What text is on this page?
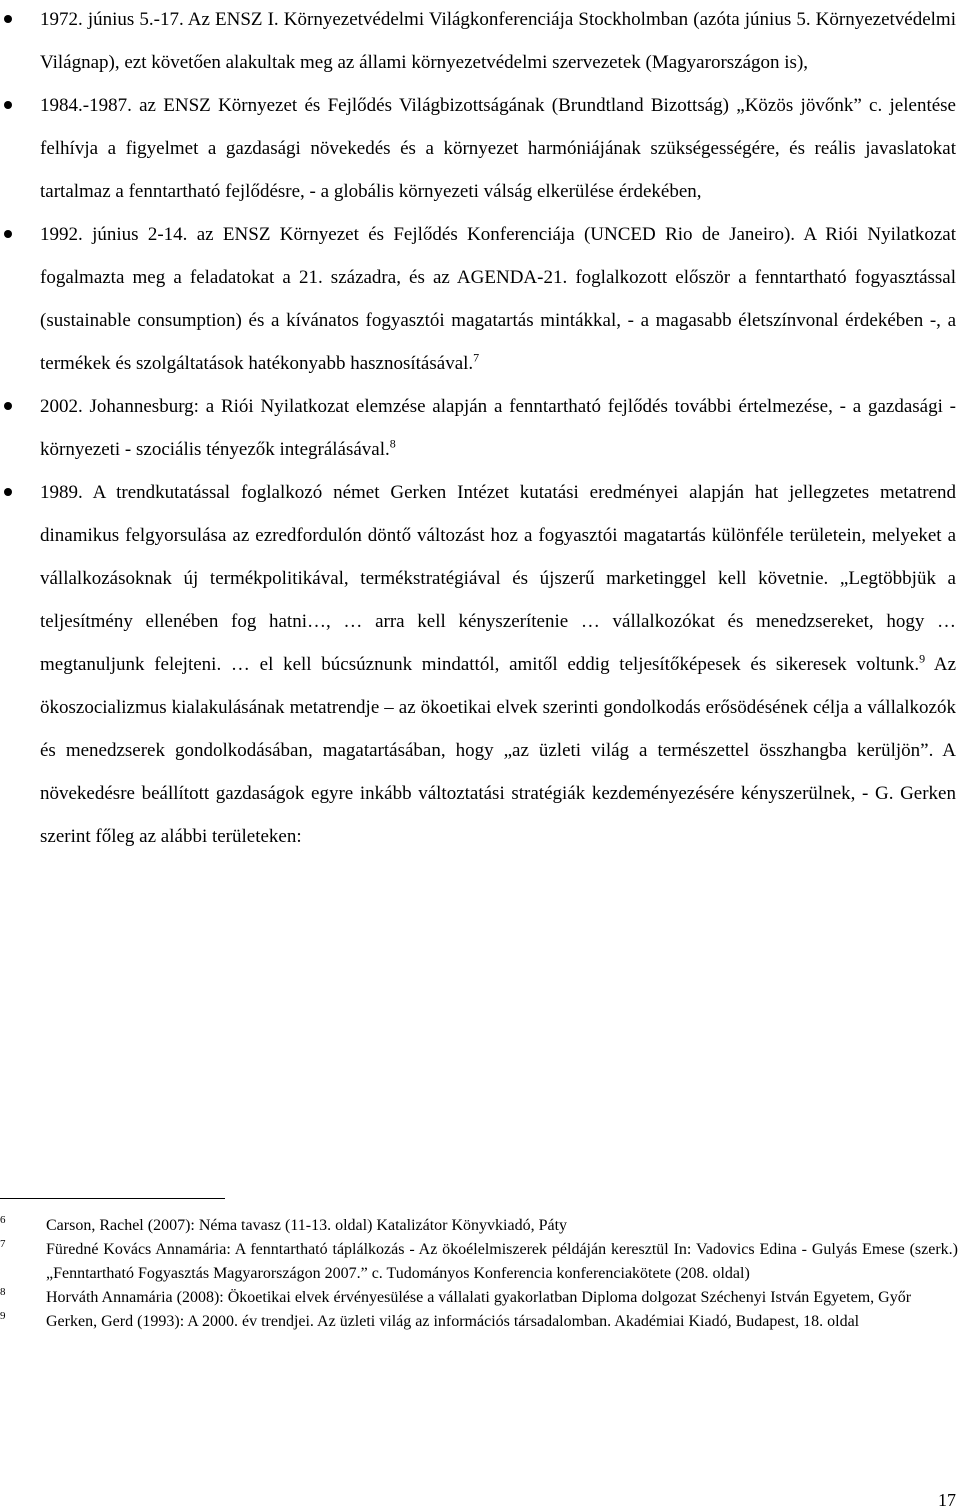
1972. június 5.-17. Az ENSZ I. Környezetvédelmi Világkonferenciája Stockholmban (azóta június 5. Környezetvédelmi Világnap), ezt követően alakultak meg az állami környezetvédelmi szervezetek (Magyarországon is),
1984.-1987. az ENSZ Környezet és Fejlődés Világbizottságának (Brundtland Bizottság) „Közös jövőnk” c. jelentése felhívja a figyelmet a gazdasági növekedés és a környezet harmóniájának szükségességére, és reális javaslatokat tartalmaz a fenntartható fejlődésre, - a globális környezeti válság elkerülése érdekében,
1992. június 2-14. az ENSZ Környezet és Fejlődés Konferenciája (UNCED Rio de Janeiro). A Riói Nyilatkozat fogalmazta meg a feladatokat a 21. századra, és az AGENDA-21. foglalkozott először a fenntartható fogyasztással (sustainable consumption) és a kívánatos fogyasztói magatartás mintákkal, - a magasabb életszínvonal érdekében -, a termékek és szolgáltatások hatékonyabb hasznosításával.$^7$
2002. Johannesburg: a Riói Nyilatkozat elemzése alapján a fenntartható fejlődés további értelmezése, - a gazdasági - környezeti - szociális tényezők integrálásával.$^8$
1989. A trendkutatással foglalkozó német Gerken Intézet kutatási eredményei alapján hat jellegzetes metatrend dinamikus felgyorsulása az ezredfordulón döntő változást hoz a fogyasztói magatartás különféle területein, melyeket a vállalkozásoknak új termékpolitikával, termékstratégiával és újszerű marketinggel kell követnie. „Legtöbbjük a teljesítmény ellenében fog hatni…, … arra kell kényszerítenie … vállalkozókat és menedzsereket, hogy … megtanuljunk felejteni. … el kell búcsúznunk mindattól, amitől eddig teljesítőképesek és sikeresek voltunk.$^9$ Az ökoszocializmus kialakulásának metatrendje – az ökoetikai elvek szerinti gondolkodás erősödésének célja a vállalkozók és menedzserek gondolkodásában, magatartásában, hogy „az üzleti világ a természettel összhangba kerüljön”. A növekedésre beállított gazdaságok egyre inkább változtatási stratégiák kezdeményezésére kényszerülnek, - G. Gerken szerint főleg az alábbi területeken:
6	Carson, Rachel (2007): Néma tavasz (11-13. oldal) Katalizátor Könyvkiadó, Páty
7	Füredné Kovács Annamária: A fenntartható táplálkozás - Az ökoélelmiszerek példáján keresztül In: Vadovics Edina - Gulyás Emese (szerk.) „Fenntartható Fogyasztás Magyarországon 2007.” c. Tudományos Konferencia konferenciakötete (208. oldal)
8	Horváth Annamária (2008): Ökoetikai elvek érvényesülése a vállalati gyakorlatban Diploma dolgozat Széchenyi István Egyetem, Győr
9	Gerken, Gerd (1993): A 2000. év trendjei. Az üzleti világ az információs társadalomban. Akadémiai Kiadó, Budapest, 18. oldal
17
